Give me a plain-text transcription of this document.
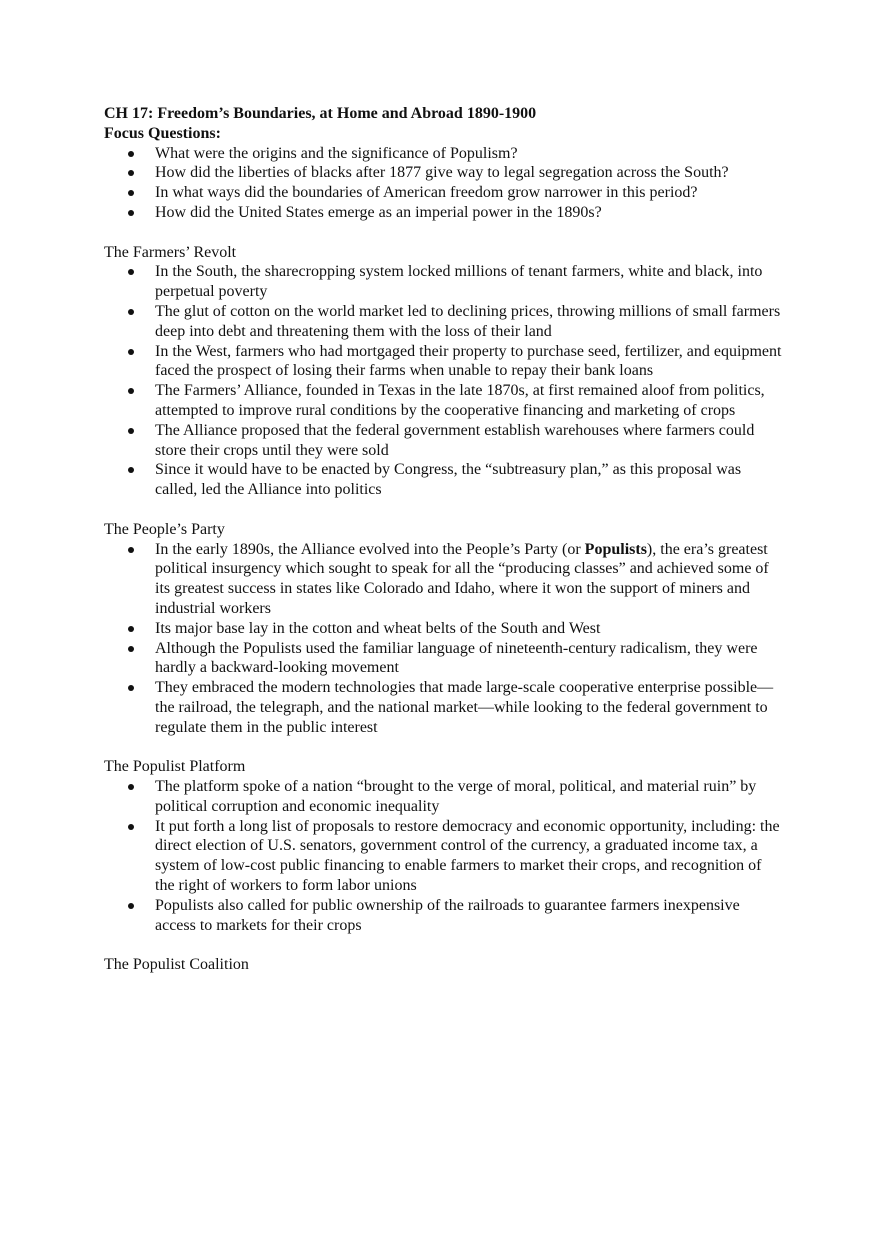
CH 17: Freedom’s Boundaries, at Home and Abroad 1890-1900
Focus Questions:
What were the origins and the significance of Populism?
How did the liberties of blacks after 1877 give way to legal segregation across the South?
In what ways did the boundaries of American freedom grow narrower in this period?
How did the United States emerge as an imperial power in the 1890s?
The Farmers’ Revolt
In the South, the sharecropping system locked millions of tenant farmers, white and black, into perpetual poverty
The glut of cotton on the world market led to declining prices, throwing millions of small farmers deep into debt and threatening them with the loss of their land
In the West, farmers who had mortgaged their property to purchase seed, fertilizer, and equipment faced the prospect of losing their farms when unable to repay their bank loans
The Farmers’ Alliance, founded in Texas in the late 1870s, at first remained aloof from politics, attempted to improve rural conditions by the cooperative financing and marketing of crops
The Alliance proposed that the federal government establish warehouses where farmers could store their crops until they were sold
Since it would have to be enacted by Congress, the “subtreasury plan,” as this proposal was called, led the Alliance into politics
The People’s Party
In the early 1890s, the Alliance evolved into the People’s Party (or Populists), the era’s greatest political insurgency which sought to speak for all the “producing classes” and achieved some of its greatest success in states like Colorado and Idaho, where it won the support of miners and industrial workers
Its major base lay in the cotton and wheat belts of the South and West
Although the Populists used the familiar language of nineteenth-century radicalism, they were hardly a backward-looking movement
They embraced the modern technologies that made large-scale cooperative enterprise possible—the railroad, the telegraph, and the national market—while looking to the federal government to regulate them in the public interest
The Populist Platform
The platform spoke of a nation “brought to the verge of moral, political, and material ruin” by political corruption and economic inequality
It put forth a long list of proposals to restore democracy and economic opportunity, including: the direct election of U.S. senators, government control of the currency, a graduated income tax, a system of low-cost public financing to enable farmers to market their crops, and recognition of the right of workers to form labor unions
Populists also called for public ownership of the railroads to guarantee farmers inexpensive access to markets for their crops
The Populist Coalition
